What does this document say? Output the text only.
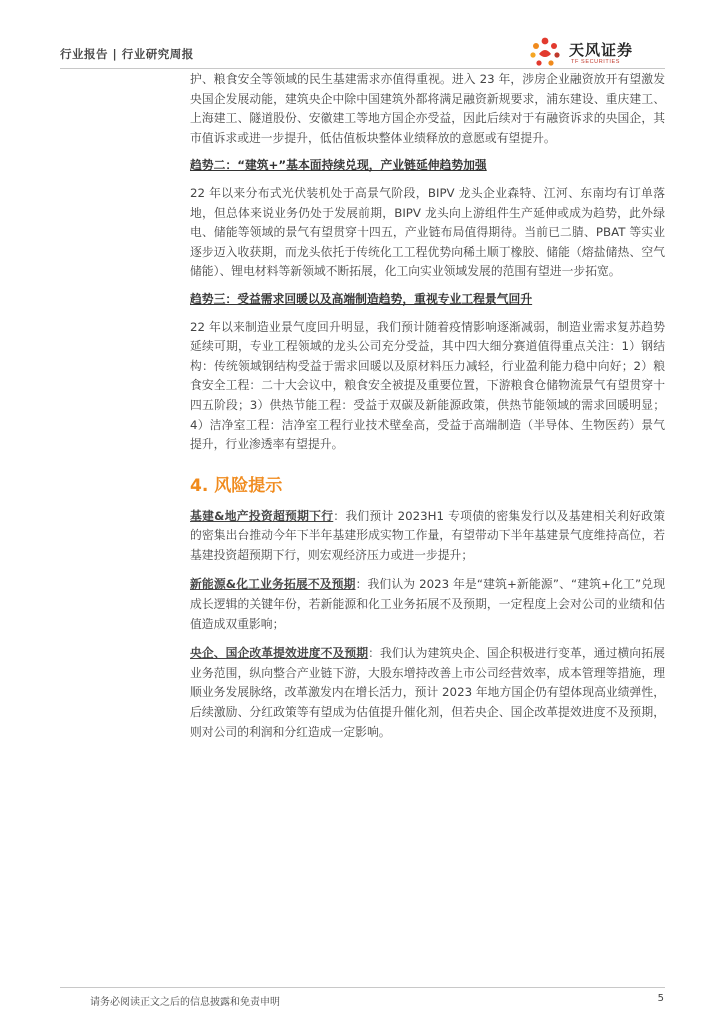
行业报告 | 行业研究周报	天风证券
TF SECURITIES

护、粮食安全等领域的民生基建需求亦值得重视。进入 23 年，涉房企业融资放开有望激发央国企发展动能，建筑央企中除中国建筑外都将满足融资新规要求，浦东建设、重庆建工、上海建工、隧道股份、安徽建工等地方国企亦受益，因此后续对于有融资诉求的央国企，其市值诉求或进一步提升，低估值板块整体业绩释放的意愿或有望提升。

趋势二：“建筑+”基本面持续兑现，产业链延伸趋势加强

22 年以来分布式光伏装机处于高景气阶段，BIPV 龙头企业森特、江河、东南均有订单落地，但总体来说业务仍处于发展前期，BIPV 龙头向上游组件生产延伸或成为趋势，此外绿电、储能等领域的景气有望贯穿十四五，产业链布局值得期待。当前已二腈、PBAT 等实业逐步迈入收获期，而龙头依托于传统化工工程优势向稀土顺丁橡胶、储能（熔盐储热、空气储能）、锂电材料等新领域不断拓展，化工向实业领域发展的范围有望进一步拓宽。

趋势三：受益需求回暖以及高端制造趋势，重视专业工程景气回升

22 年以来制造业景气度回升明显，我们预计随着疫情影响逐渐减弱，制造业需求复苏趋势延续可期，专业工程领域的龙头公司充分受益，其中四大细分赛道值得重点关注：1）钢结构：传统领域钢结构受益于需求回暖以及原材料压力减轻，行业盈利能力稳中向好；2）粮食安全工程：二十大会议中，粮食安全被提及重要位置，下游粮食仓储物流景气有望贯穿十四五阶段；3）供热节能工程：受益于双碳及新能源政策，供热节能领域的需求回暖明显；4）洁净室工程：洁净室工程行业技术壁垒高，受益于高端制造（半导体、生物医药）景气提升，行业渗透率有望提升。

4. 风险提示

基建&地产投资超预期下行：我们预计 2023H1 专项债的密集发行以及基建相关利好政策的密集出台推动今年下半年基建形成实物工作量，有望带动下半年基建景气度维持高位，若基建投资超预期下行，则宏观经济压力或进一步提升；

新能源&化工业务拓展不及预期：我们认为 2023 年是“建筑+新能源”、“建筑+化工”兑现成长逻辑的关键年份，若新能源和化工业务拓展不及预期，一定程度上会对公司的业绩和估值造成双重影响；

央企、国企改革提效进度不及预期：我们认为建筑央企、国企积极进行变革，通过横向拓展业务范围，纵向整合产业链下游，大股东增持改善上市公司经营效率，成本管理等措施，理顺业务发展脉络，改革激发内在增长活力，预计 2023 年地方国企仍有望体现高业绩弹性，后续激励、分红政策等有望成为估值提升催化剂，但若央企、国企改革提效进度不及预期，则对公司的利润和分红造成一定影响。

请务必阅读正文之后的信息披露和免责申明	5
